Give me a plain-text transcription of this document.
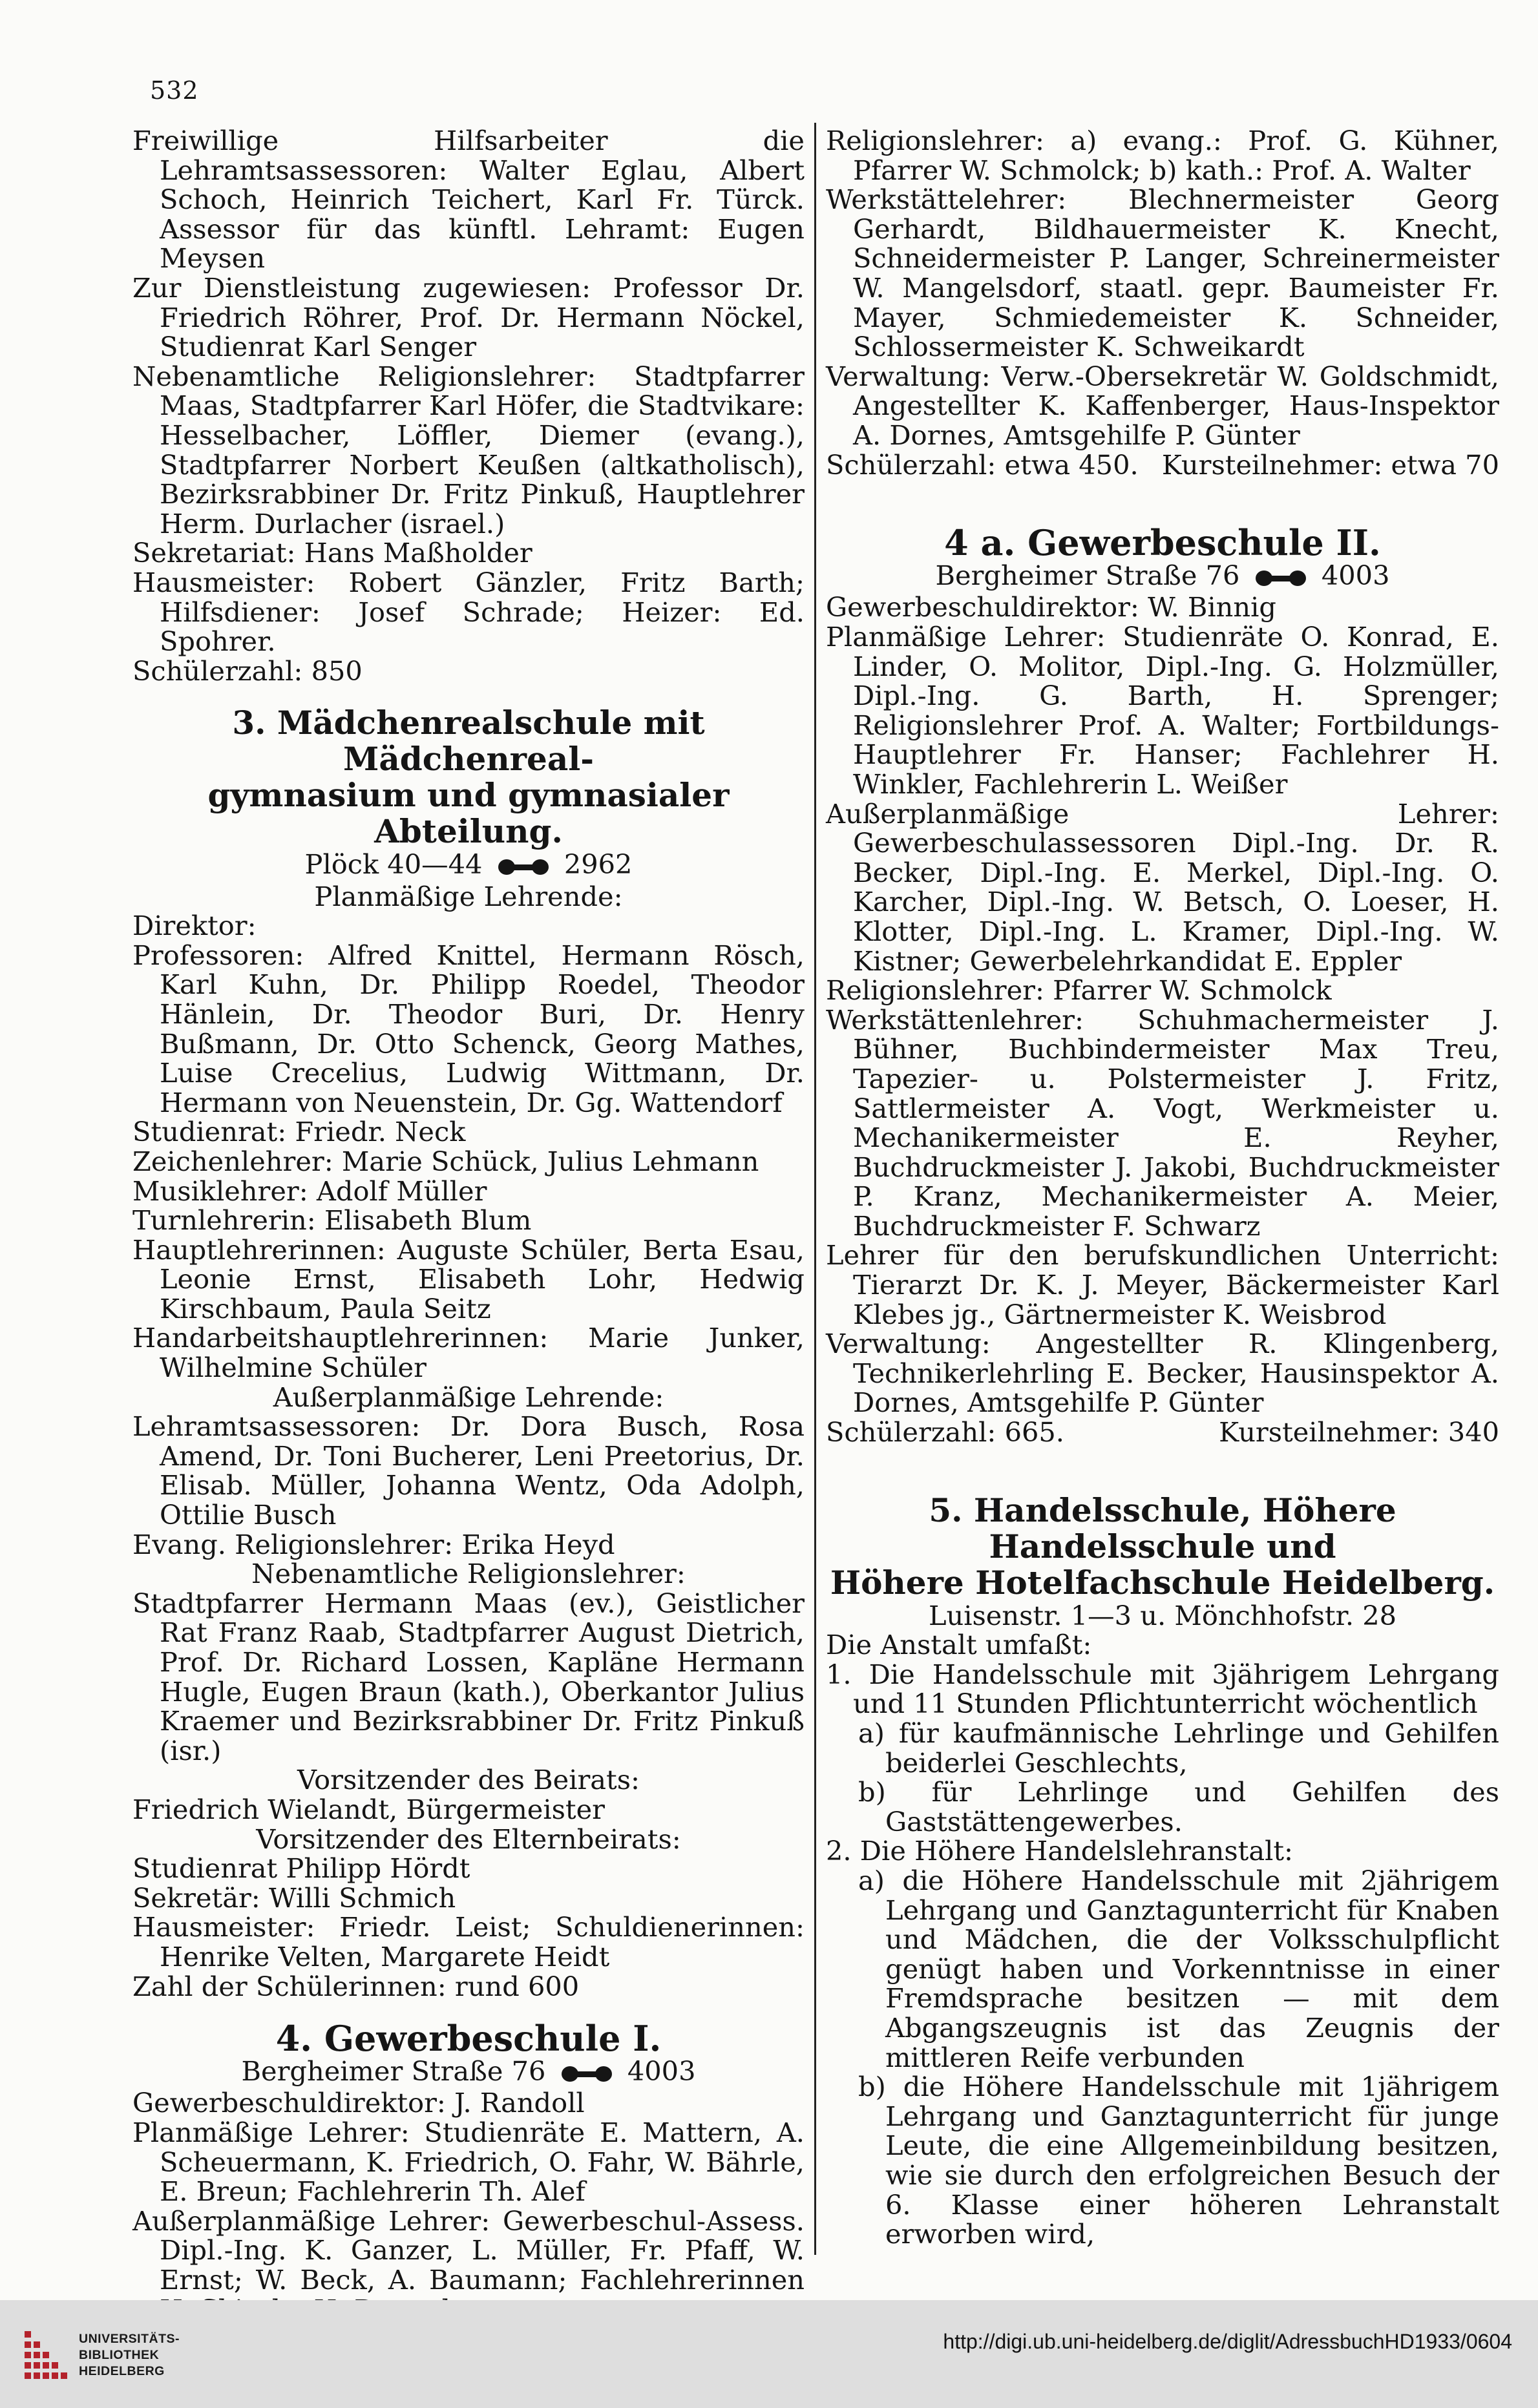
532

Freiwillige Hilfsarbeiter die Lehramtsassessoren: Walter Eglau, Albert Schoch, Heinrich Teichert, Karl Fr. Türck. Assessor für das künftl. Lehramt: Eugen Meysen

Zur Dienstleistung zugewiesen: Professor Dr. Friedrich Röhrer, Prof. Dr. Hermann Nöckel, Studienrat Karl Senger

Nebenamtliche Religionslehrer: Stadtpfarrer Maas, Stadtpfarrer Karl Höfer, die Stadtvikare: Hesselbacher, Löffler, Diemer (evang.), Stadtpfarrer Norbert Keußen (altkatholisch), Bezirksrabbiner Dr. Fritz Pinkuß, Hauptlehrer Herm. Durlacher (israel.)

Sekretariat: Hans Maßholder

Hausmeister: Robert Gänzler, Fritz Barth; Hilfsdiener: Josef Schrade; Heizer: Ed. Spohrer.

Schülerzahl: 850

3. Mädchenrealschule mit Mädchenreal-

gymnasium und gymnasialer Abteilung.

Plöck 40—44	2962

Planmäßige Lehrende:

Direktor:

Professoren: Alfred Knittel, Hermann Rösch, Karl Kuhn, Dr. Philipp Roedel, Theodor Hänlein, Dr. Theodor Buri, Dr. Henry Bußmann, Dr. Otto Schenck, Georg Mathes, Luise Crecelius, Ludwig Wittmann, Dr. Hermann von Neuenstein, Dr. Gg. Wattendorf

Studienrat: Friedr. Neck

Zeichenlehrer: Marie Schück, Julius Lehmann

Musiklehrer: Adolf Müller

Turnlehrerin: Elisabeth Blum

Hauptlehrerinnen: Auguste Schüler, Berta Esau, Leonie Ernst, Elisabeth Lohr, Hedwig Kirschbaum, Paula Seitz

Handarbeitshauptlehrerinnen: Marie Junker, Wilhelmine Schüler

Außerplanmäßige Lehrende:

Lehramtsassessoren: Dr. Dora Busch, Rosa Amend, Dr. Toni Bucherer, Leni Preetorius, Dr. Elisab. Müller, Johanna Wentz, Oda Adolph, Ottilie Busch

Evang. Religionslehrer: Erika Heyd

Nebenamtliche Religionslehrer:

Stadtpfarrer Hermann Maas (ev.), Geistlicher Rat Franz Raab, Stadtpfarrer August Dietrich, Prof. Dr. Richard Lossen, Kapläne Hermann Hugle, Eugen Braun (kath.), Oberkantor Julius Kraemer und Bezirksrabbiner Dr. Fritz Pinkuß (isr.)

Vorsitzender des Beirats:

Friedrich Wielandt, Bürgermeister

Vorsitzender des Elternbeirats:

Studienrat Philipp Hördt

Sekretär: Willi Schmich

Hausmeister: Friedr. Leist; Schuldienerinnen: Henrike Velten, Margarete Heidt

Zahl der Schülerinnen: rund 600

4. Gewerbeschule I.

Bergheimer Straße 76	4003

Gewerbeschuldirektor: J. Randoll

Planmäßige Lehrer: Studienräte E. Mattern, A. Scheuermann, K. Friedrich, O. Fahr, W. Bährle, E. Breun; Fachlehrerin Th. Alef

Außerplanmäßige Lehrer: Gewerbeschul-Assess. Dipl.-Ing. K. Ganzer, L. Müller, Fr. Pfaff, W. Ernst; W. Beck, A. Baumann; Fachlehrerinnen

Religionslehrer: a) evang.: Prof. G. Kühner, Pfarrer W. Schmolck; b) kath.: Prof. A. Walter

Werkstättelehrer: Blechnermeister Georg Gerhardt, Bildhauermeister K. Knecht, Schneidermeister P. Langer, Schreinermeister W. Mangelsdorf, staatl. gepr. Baumeister Fr. Mayer, Schmiedemeister K. Schneider, Schlossermeister K. Schweikardt

Verwaltung: Verw.-Obersekretär W. Goldschmidt, Angestellter K. Kaffenberger, Haus-Inspektor A. Dornes, Amtsgehilfe P. Günter

Schülerzahl: etwa 450. Kursteilnehmer: etwa 70

4 a. Gewerbeschule II.

Bergheimer Straße 76	4003

Gewerbeschuldirektor: W. Binnig

Planmäßige Lehrer: Studienräte O. Konrad, E. Linder, O. Molitor, Dipl.-Ing. G. Holzmüller, Dipl.-Ing. G. Barth, H. Sprenger; Religionslehrer Prof. A. Walter; Fortbildungs-Hauptlehrer Fr. Hanser; Fachlehrer H. Winkler, Fachlehrerin L. Weißer

Außerplanmäßige Lehrer: Gewerbeschulassessoren Dipl.-Ing. Dr. R. Becker, Dipl.-Ing. E. Merkel, Dipl.-Ing. O. Karcher, Dipl.-Ing. W. Betsch, O. Loeser, H. Klotter, Dipl.-Ing. L. Kramer, Dipl.-Ing. W. Kistner; Gewerbelehrkandidat E. Eppler

Religionslehrer: Pfarrer W. Schmolck

Werkstättenlehrer: Schuhmachermeister J. Bühner, Buchbindermeister Max Treu, Tapezier- u. Polstermeister J. Fritz, Sattlermeister A. Vogt, Werkmeister u. Mechanikermeister E. Reyher, Buchdruckmeister J. Jakobi, Buchdruckmeister P. Kranz, Mechanikermeister A. Meier, Buchdruckmeister F. Schwarz

Lehrer für den berufskundlichen Unterricht: Tierarzt Dr. K. J. Meyer, Bäckermeister Karl Klebes jg., Gärtnermeister K. Weisbrod

Verwaltung: Angestellter R. Klingenberg, Technikerlehrling E. Becker, Hausinspektor A. Dornes, Amtsgehilfe P. Günter

Schülerzahl: 665.	Kursteilnehmer: 340

5. Handelsschule, Höhere Handelsschule und

Höhere Hotelfachschule Heidelberg.

Luisenstr. 1—3 u. Mönchhofstr. 28

Die Anstalt umfaßt:

1. Die Handelsschule mit 3jährigem Lehrgang und 11 Stunden Pflichtunterricht wöchentlich

a) für kaufmännische Lehrlinge und Gehilfen beiderlei Geschlechts,

b) für Lehrlinge und Gehilfen des Gaststättengewerbes.

2. Die Höhere Handelslehranstalt:

a) die Höhere Handelsschule mit 2jährigem Lehrgang und Ganztagunterricht für Knaben und Mädchen, die der Volksschulpflicht genügt haben und Vorkenntnisse in einer Fremdsprache besitzen — mit dem Abgangszeugnis ist das Zeugnis der mittleren Reife verbunden

b) die Höhere Handelsschule mit 1jährigem Lehrgang und Ganztagunterricht für junge Leute, die eine Allgemeinbildung besitzen, wie sie durch den erfolgreichen Besuch der 6. Klasse einer höheren Lehranstalt erworben wird,

UNIVERSITÄTS-
BIBLIOTHEK
HEIDELBERG
http://digi.ub.uni-heidelberg.de/diglit/AdressbuchHD1933/0604
